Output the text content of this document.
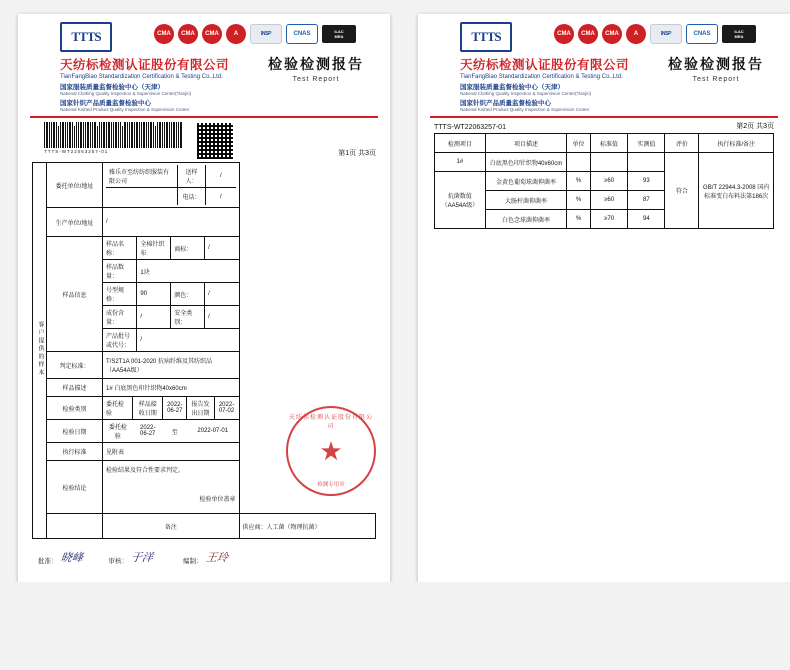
TTTS	CMA	CMA	CMA	A	INSP	CNAS	iLAC
MRA
天纺标检测认证股份有限公司
TianFangBiao Standardization Certification & Testing Co.,Ltd.
国家服装质量监督检验中心（天津）
National Clothing Quality Inspection & Supervision Center(Tianjin)
国家针织产品质量监督检验中心
National Knitted Product Quality Inspection & Supervision Center
检验检测报告
Test Report
TTTS-WT22063257-01	第1页 共3页
客户提供的样本	委托单位/地址	
雅乐市至纺纺织服装有限公司	送样人：	/
	电话：	/

生产单位/地址	/
样品信息	
样品名称：	全棉针织布	商标：	/
样品数量：	1块
号型规格：	90	颜色：	/
成份含量：	/	安全类别：	/
产品批号或代号：	/

判定标准：	T/S2T1A 001-2020 抗病纤维及其纺织品（AA54A级）
样品描述	1# 白底黑色印针织物40x60cm
检验类别	
委托检验	样品接收日期	2022-06-27	报告发出日期	2022-07-02

检验日期	
委托检验	2022-06-27	至	2022-07-01

执行标准	见附表
检验结论	
检验结果及符合性要求判定。
检验单位盖章

	备注	供应商：人工菌（物理抗菌）
天纺标检测认证股份有限公司
★
检测专用章
批准： 晓峰	审核： 于洋	编制： 王玲
TTTS	CMA	CMA	CMA	A	INSP	CNAS	iLAC
MRA
天纺标检测认证股份有限公司
TianFangBiao Standardization Certification & Testing Co.,Ltd.
国家服装质量监督检验中心（天津）
National Clothing Quality Inspection & Supervision Center(Tianjin)
国家针织产品质量监督检验中心
National Knitted Product Quality Inspection & Supervision Center
检验检测报告
Test Report
TTTS-WT22063257-01	第2页 共3页
检测项目	项目描述	单位	标准值	实测值	评价	执行标准/备注
1#	白底黑色印针织物40x60cm				符合	GB/T 22944.3-2008 国内标准变白布料法第186次
抗菌数值（AA54A级）	金黄色葡萄球菌抑菌率	%	≥60	93		
	大肠杆菌抑菌率	%	≥60	87		
	白色念球菌抑菌率	%	≥70	94		
